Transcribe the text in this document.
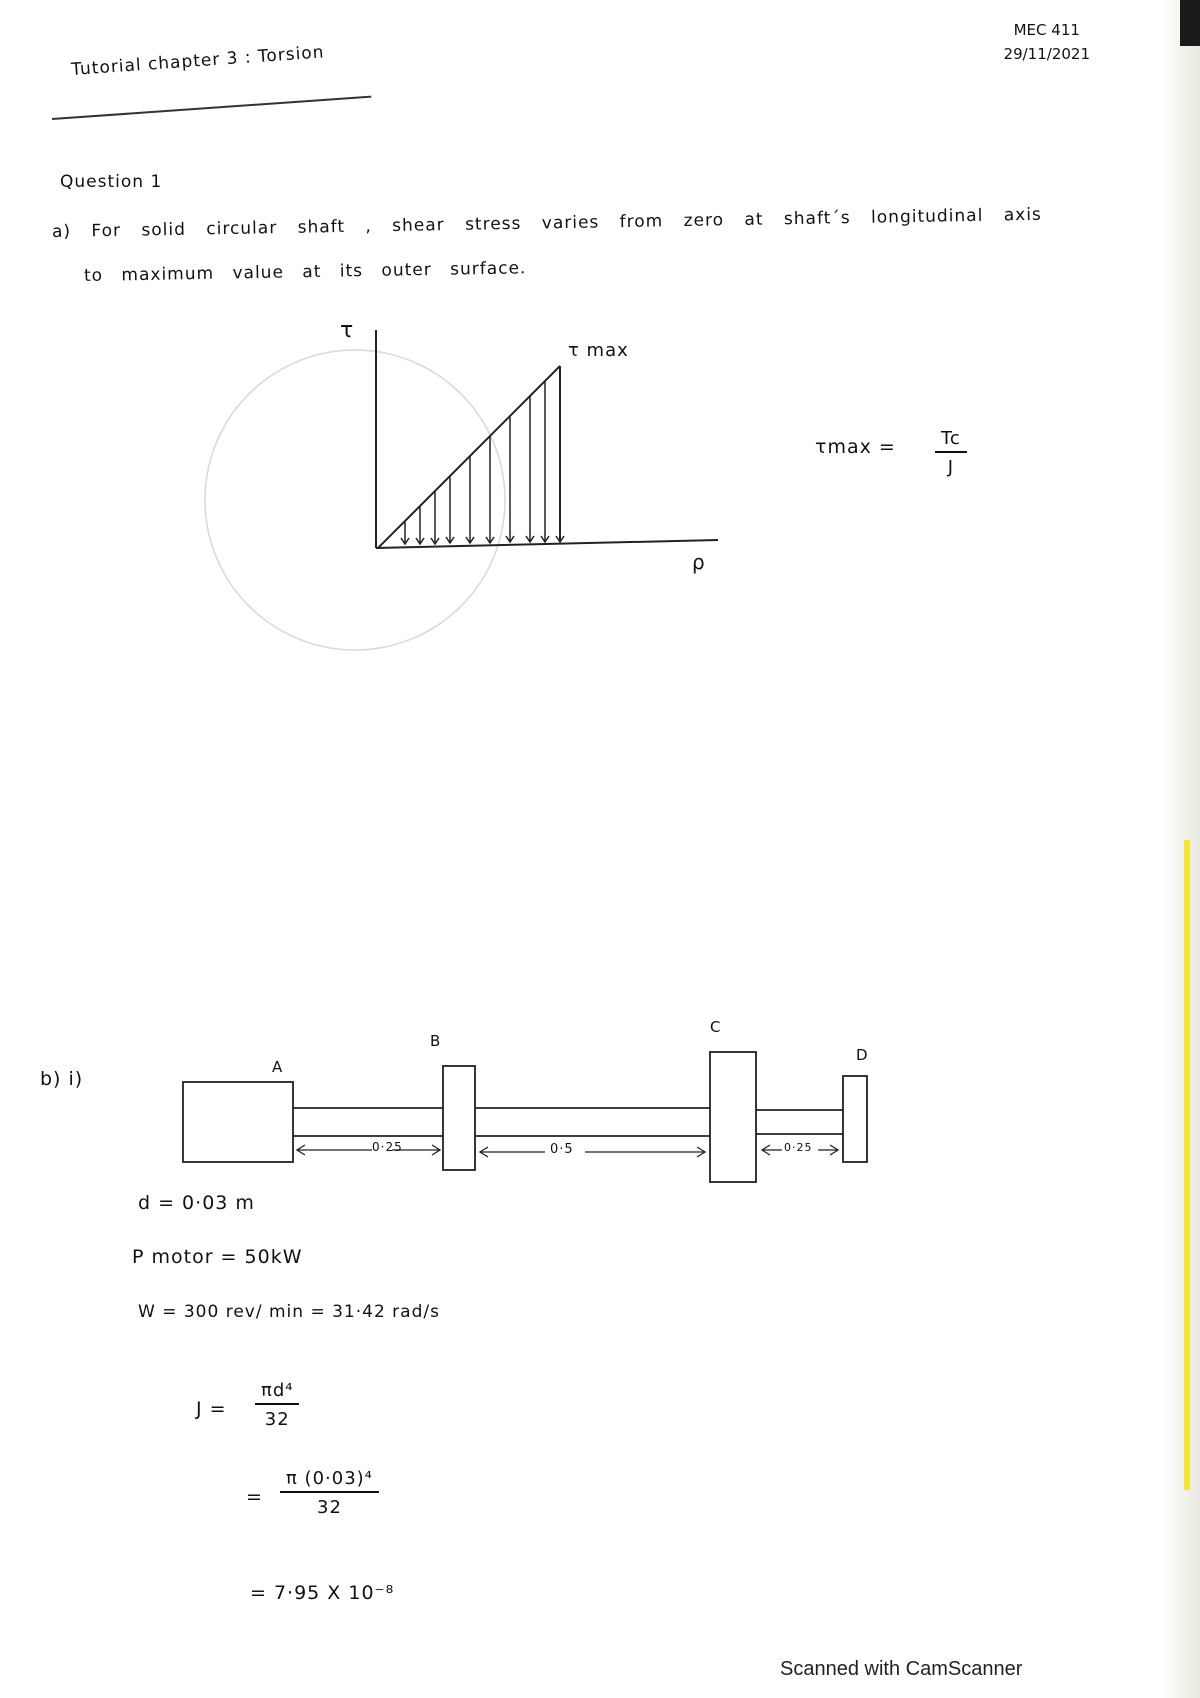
MEC 411
29/11/2021
Tutorial chapter 3 : Torsion
Question 1
a) For solid circular shaft , shear stress varies from zero at shaft´s longitudinal axis
to maximum value at its outer surface.
τ
τ max
ρ
$\tau\max = \frac{Tc}{J}$
b) i)
A
B
C
D
0·25	0·5	0·25
d = 0·03 m
P motor = 50kW
W = 300 rev/ min = 31·42 rad/s
$J = \frac{\text{πd⁴}}{32}$
= $\frac{\text{π (0·03)⁴}}{32}$
= 7·95 X 10⁻⁸
Scanned with CamScanner
